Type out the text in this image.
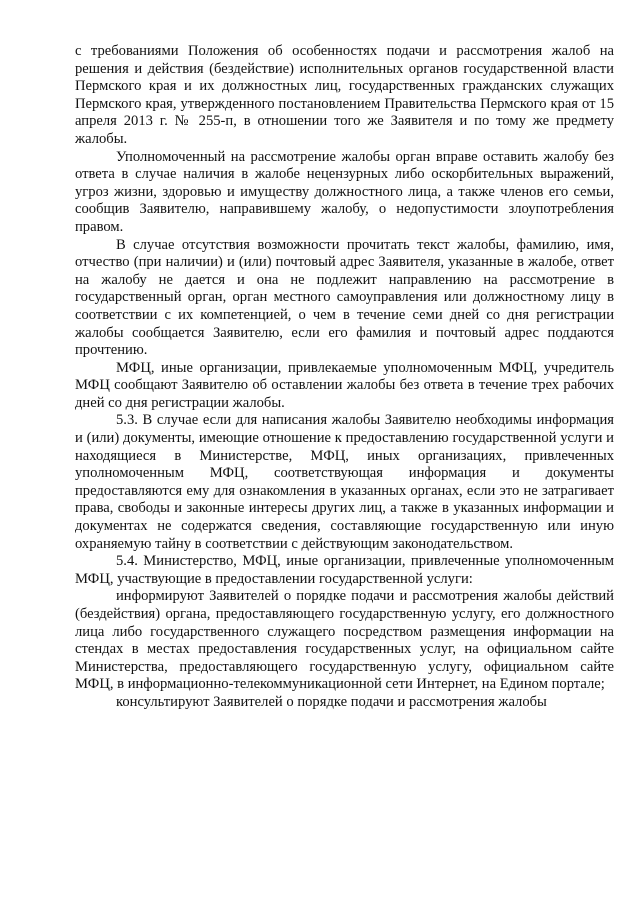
с требованиями Положения об особенностях подачи и рассмотрения жалоб на решения и действия (бездействие) исполнительных органов государственной власти Пермского края и их должностных лиц, государственных гражданских служащих Пермского края, утвержденного постановлением Правительства Пермского края от 15 апреля 2013 г. № 255-п, в отношении того же Заявителя и по тому же предмету жалобы.

Уполномоченный на рассмотрение жалобы орган вправе оставить жалобу без ответа в случае наличия в жалобе нецензурных либо оскорбительных выражений, угроз жизни, здоровью и имуществу должностного лица, а также членов его семьи, сообщив Заявителю, направившему жалобу, о недопустимости злоупотребления правом.

В случае отсутствия возможности прочитать текст жалобы, фамилию, имя, отчество (при наличии) и (или) почтовый адрес Заявителя, указанные в жалобе, ответ на жалобу не дается и она не подлежит направлению на рассмотрение в государственный орган, орган местного самоуправления или должностному лицу в соответствии с их компетенцией, о чем в течение семи дней со дня регистрации жалобы сообщается Заявителю, если его фамилия и почтовый адрес поддаются прочтению.

МФЦ, иные организации, привлекаемые уполномоченным МФЦ, учредитель МФЦ сообщают Заявителю об оставлении жалобы без ответа в течение трех рабочих дней со дня регистрации жалобы.

5.3. В случае если для написания жалобы Заявителю необходимы информация и (или) документы, имеющие отношение к предоставлению государственной услуги и находящиеся в Министерстве, МФЦ, иных организациях, привлеченных уполномоченным МФЦ, соответствующая информация и документы предоставляются ему для ознакомления в указанных органах, если это не затрагивает права, свободы и законные интересы других лиц, а также в указанных информации и документах не содержатся сведения, составляющие государственную или иную охраняемую тайну в соответствии с действующим законодательством.

5.4. Министерство, МФЦ, иные организации, привлеченные уполномоченным МФЦ, участвующие в предоставлении государственной услуги:

информируют Заявителей о порядке подачи и рассмотрения жалобы действий (бездействия) органа, предоставляющего государственную услугу, его должностного лица либо государственного служащего посредством размещения информации на стендах в местах предоставления государственных услуг, на официальном сайте Министерства, предоставляющего государственную услугу, официальном сайте МФЦ, в информационно-телекоммуникационной сети Интернет, на Едином портале;

консультируют Заявителей о порядке подачи и рассмотрения жалобы
